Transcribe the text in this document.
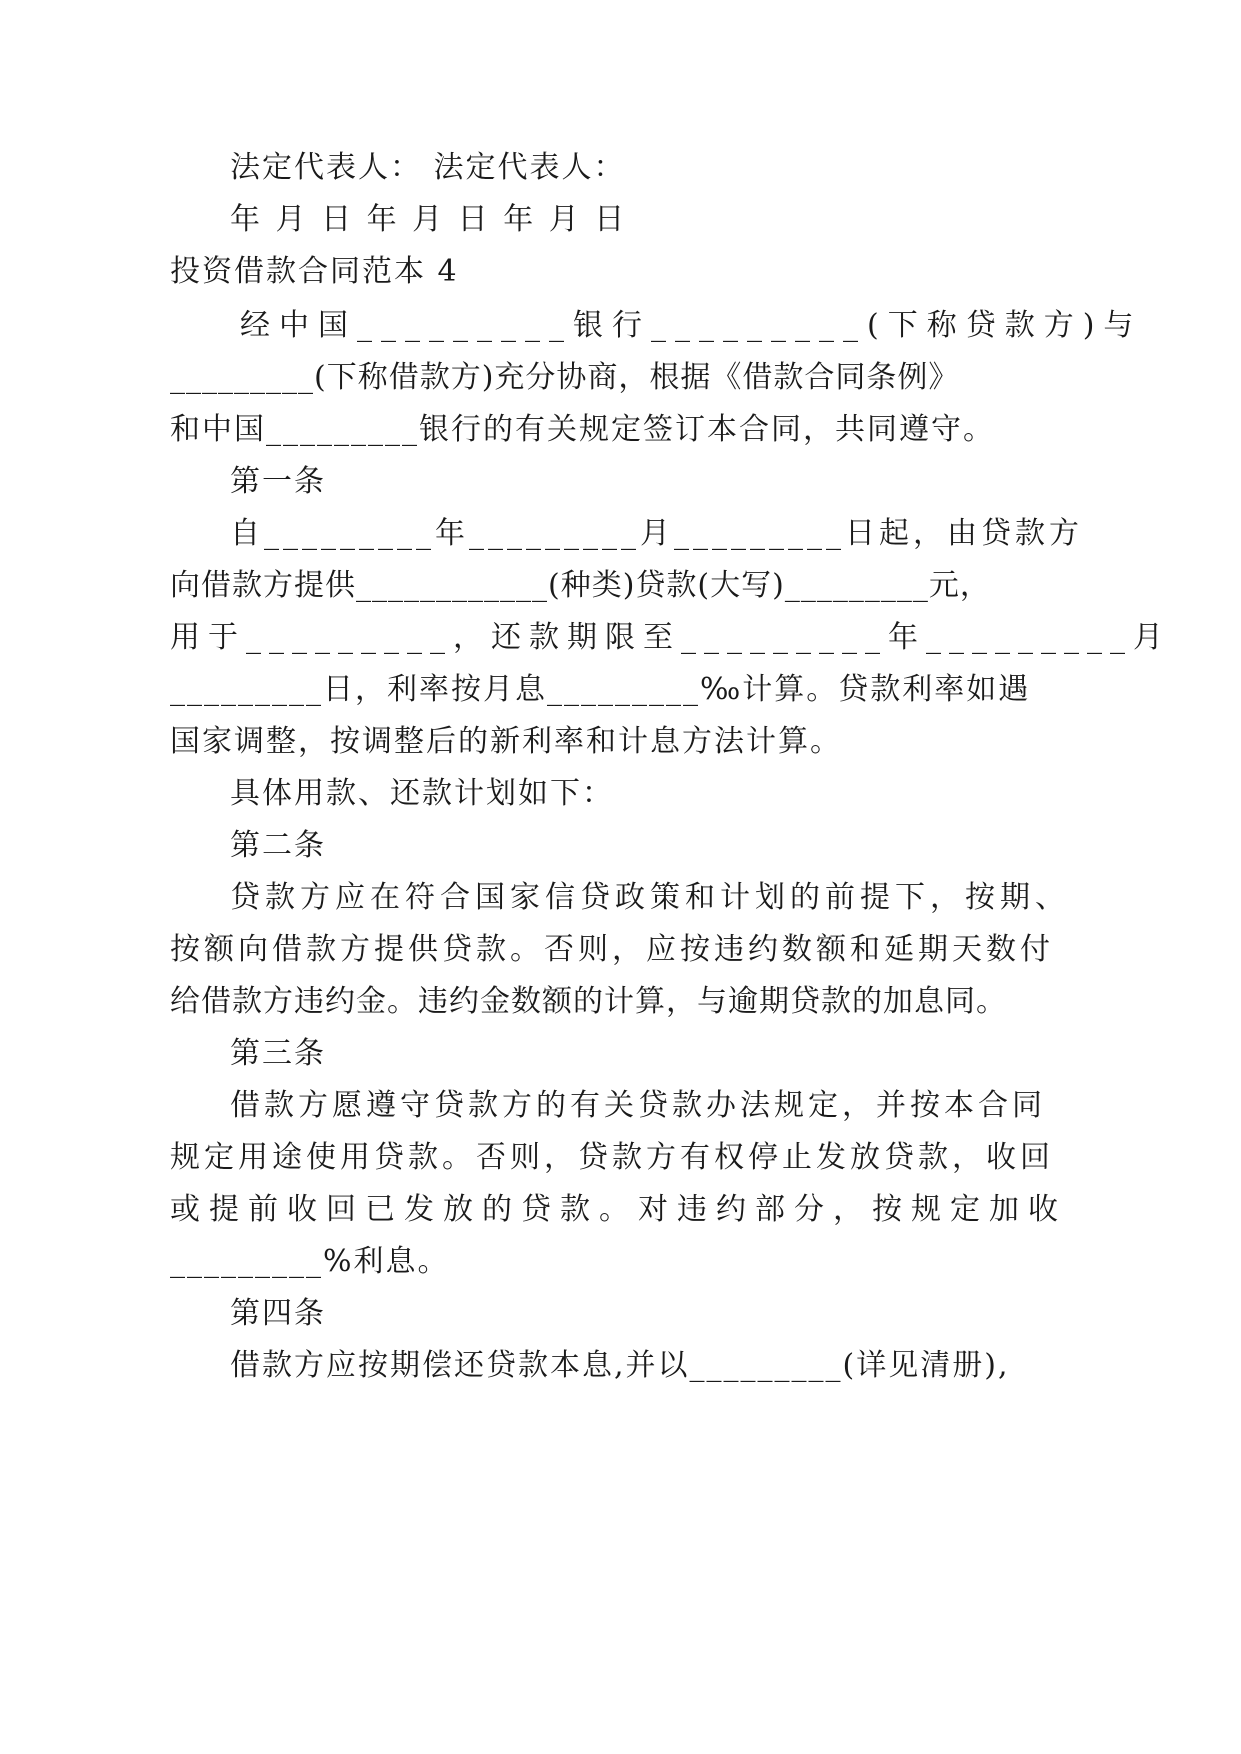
法定代表人： 法定代表人：
年 月 日 年 月 日 年 月 日
投资借款合同范本 4
经中国_________银行_________(下称贷款方)与
_________(下称借款方)充分协商，根据《借款合同条例》
和中国_________银行的有关规定签订本合同，共同遵守。
第一条
自_________年_________月_________日起，由贷款方
向借款方提供____________(种类)贷款(大写)_________元，
用于_________，还款期限至_________年_________月
_________日，利率按月息_________‰计算。贷款利率如遇
国家调整，按调整后的新利率和计息方法计算。
具体用款、还款计划如下：
第二条
贷款方应在符合国家信贷政策和计划的前提下，按期、
按额向借款方提供贷款。否则，应按违约数额和延期天数付
给借款方违约金。违约金数额的计算，与逾期贷款的加息同。
第三条
借款方愿遵守贷款方的有关贷款办法规定，并按本合同
规定用途使用贷款。否则，贷款方有权停止发放贷款，收回
或提前收回已发放的贷款。对违约部分，按规定加收
_________%利息。
第四条
借款方应按期偿还贷款本息,并以_________(详见清册),
